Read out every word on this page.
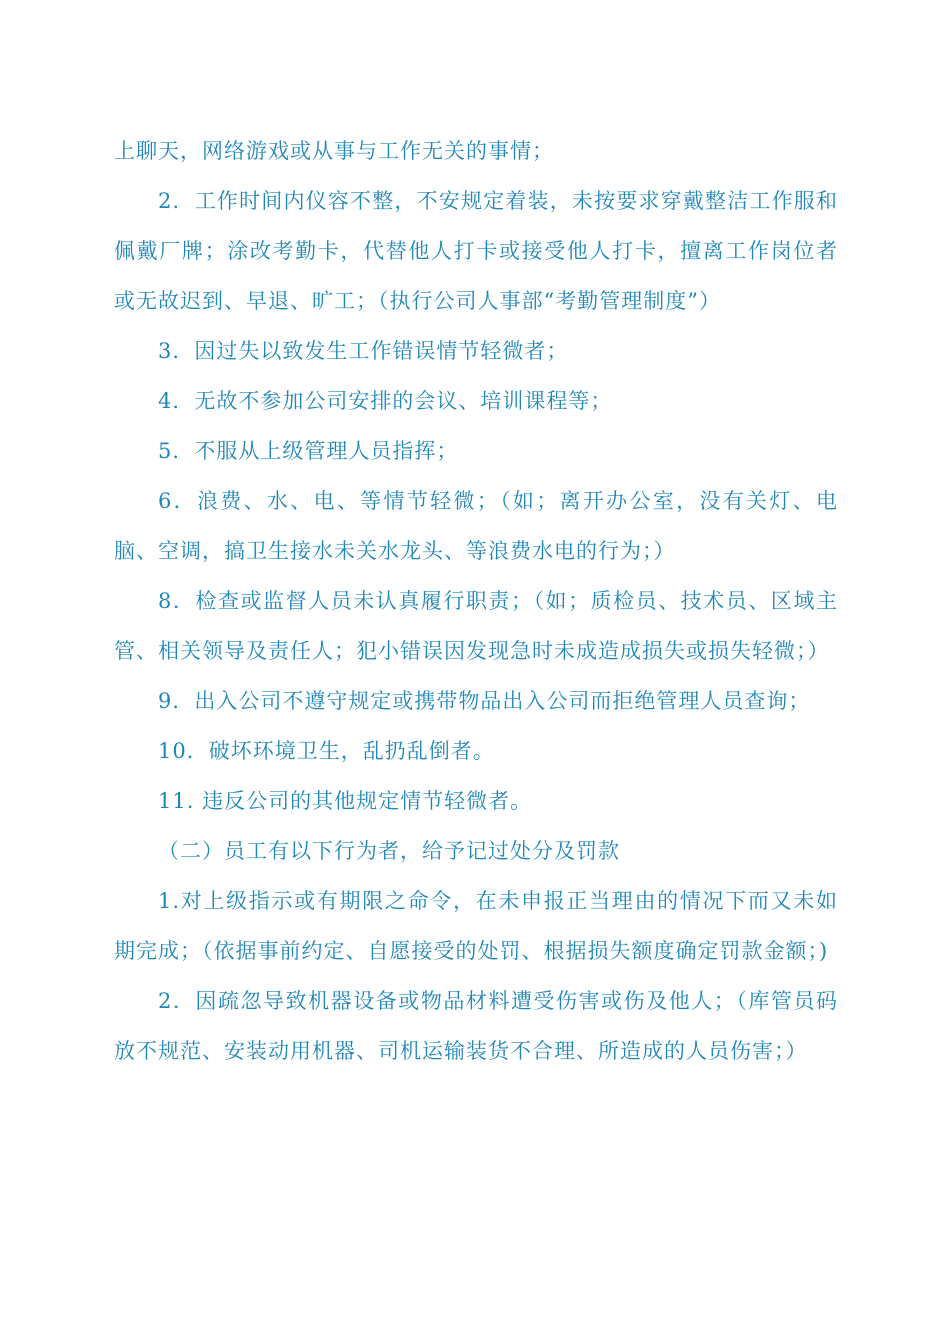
上聊天，网络游戏或从事与工作无关的事情；

2．工作时间内仪容不整，不安规定着装，未按要求穿戴整洁工作服和佩戴厂牌；涂改考勤卡，代替他人打卡或接受他人打卡，擅离工作岗位者或无故迟到、早退、旷工；（执行公司人事部“考勤管理制度”）

3．因过失以致发生工作错误情节轻微者；

4．无故不参加公司安排的会议、培训课程等；

5．不服从上级管理人员指挥；

6．浪费、水、电、等情节轻微；（如；离开办公室，没有关灯、电脑、空调，搞卫生接水未关水龙头、等浪费水电的行为；）

8．检查或监督人员未认真履行职责；（如；质检员、技术员、区域主管、相关领导及责任人；犯小错误因发现急时未成造成损失或损失轻微；）

9．出入公司不遵守规定或携带物品出入公司而拒绝管理人员查询；

10．破坏环境卫生，乱扔乱倒者。

11. 违反公司的其他规定情节轻微者。

（二）员工有以下行为者，给予记过处分及罚款

1.对上级指示或有期限之命令，在未申报正当理由的情况下而又未如期完成；（依据事前约定、自愿接受的处罚、根据损失额度确定罚款金额；)

2．因疏忽导致机器设备或物品材料遭受伤害或伤及他人；（库管员码放不规范、安装动用机器、司机运输装货不合理、所造成的人员伤害；）
